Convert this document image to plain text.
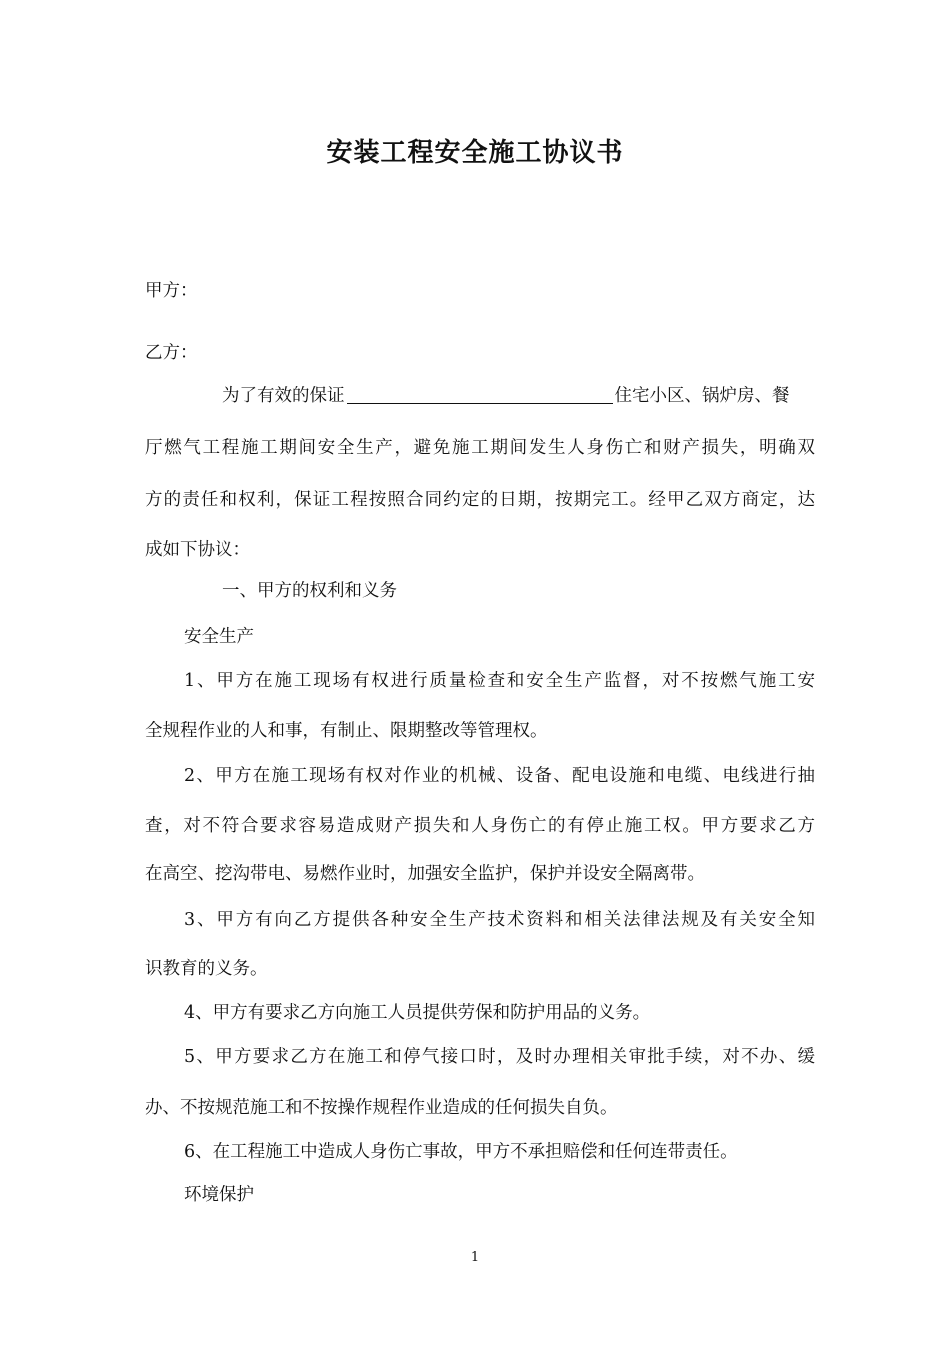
安装工程安全施工协议书
甲方：
乙方：
为了有效的保证	住宅小区、锅炉房、餐
厅燃气工程施工期间安全生产，避免施工期间发生人身伤亡和财产损失，明确双
方的责任和权利，保证工程按照合同约定的日期，按期完工。经甲乙双方商定，达
成如下协议：
一、甲方的权利和义务
安全生产
1、甲方在施工现场有权进行质量检查和安全生产监督，对不按燃气施工安
全规程作业的人和事，有制止、限期整改等管理权。
2、甲方在施工现场有权对作业的机械、设备、配电设施和电缆、电线进行抽
查，对不符合要求容易造成财产损失和人身伤亡的有停止施工权。甲方要求乙方
在高空、挖沟带电、易燃作业时，加强安全监护，保护并设安全隔离带。
3、甲方有向乙方提供各种安全生产技术资料和相关法律法规及有关安全知
识教育的义务。
4、甲方有要求乙方向施工人员提供劳保和防护用品的义务。
5、甲方要求乙方在施工和停气接口时，及时办理相关审批手续，对不办、缓
办、不按规范施工和不按操作规程作业造成的任何损失自负。
6、在工程施工中造成人身伤亡事故，甲方不承担赔偿和任何连带责任。
环境保护
1
